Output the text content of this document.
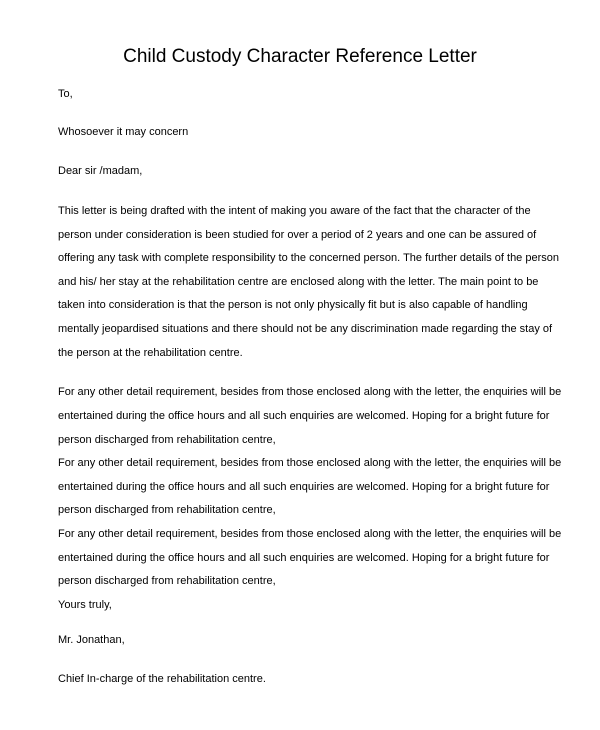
Child Custody Character Reference Letter
To,
Whosoever it may concern
Dear sir /madam,
This letter is being drafted with the intent of making you aware of the fact that the character of the
person under consideration is been studied for over a period of 2 years and one can be assured of
offering any task with complete responsibility to the concerned person. The further details of the person
and his/ her stay at the rehabilitation centre are enclosed along with the letter. The main point to be
taken into consideration is that the person is not only physically fit but is also capable of handling
mentally jeopardised situations and there should not be any discrimination made regarding the stay of
the person at the rehabilitation centre.
For any other detail requirement, besides from those enclosed along with the letter, the enquiries will be
entertained during the office hours and all such enquiries are welcomed. Hoping for a bright future for
person discharged from rehabilitation centre,
For any other detail requirement, besides from those enclosed along with the letter, the enquiries will be
entertained during the office hours and all such enquiries are welcomed. Hoping for a bright future for
person discharged from rehabilitation centre,
For any other detail requirement, besides from those enclosed along with the letter, the enquiries will be
entertained during the office hours and all such enquiries are welcomed. Hoping for a bright future for
person discharged from rehabilitation centre,
Yours truly,
Mr. Jonathan,
Chief In-charge of the rehabilitation centre.
